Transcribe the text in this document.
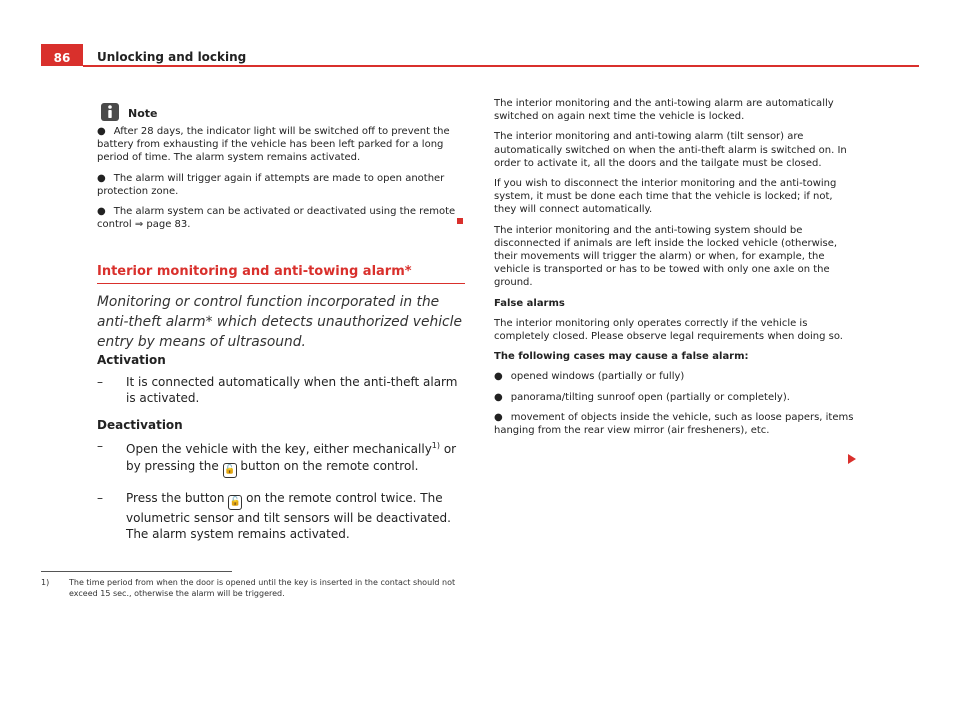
86	Unlocking and locking
Note

● After 28 days, the indicator light will be switched off to prevent the battery from exhausting if the vehicle has been left parked for a long period of time. The alarm system remains activated.

● The alarm will trigger again if attempts are made to open another protection zone.

● The alarm system can be activated or deactivated using the remote control ⇒ page 83.

Interior monitoring and anti-towing alarm*
Monitoring or control function incorporated in the anti-theft alarm* which detects unauthorized vehicle entry by means of ultrasound.
Activation
–	It is connected automatically when the anti-theft alarm is activated.
Deactivation
–	Open the vehicle with the key, either mechanically$^{1)}$ or by pressing the 🔓 button on the remote control.
–	Press the button 🔓 on the remote control twice. The volumetric sensor and tilt sensors will be deactivated. The alarm system remains activated.

The interior monitoring and the anti-towing alarm are automatically switched on again next time the vehicle is locked.

The interior monitoring and anti-towing alarm (tilt sensor) are automatically switched on when the anti-theft alarm is switched on. In order to activate it, all the doors and the tailgate must be closed.

If you wish to disconnect the interior monitoring and the anti-towing system, it must be done each time that the vehicle is locked; if not, they will connect automatically.

The interior monitoring and the anti-towing system should be disconnected if animals are left inside the locked vehicle (otherwise, their movements will trigger the alarm) or when, for example, the vehicle is transported or has to be towed with only one axle on the ground.

False alarms

The interior monitoring only operates correctly if the vehicle is completely closed. Please observe legal requirements when doing so.

The following cases may cause a false alarm:

● opened windows (partially or fully)

● panorama/tilting sunroof open (partially or completely).

● movement of objects inside the vehicle, such as loose papers, items hanging from the rear view mirror (air fresheners), etc.

1)	The time period from when the door is opened until the key is inserted in the contact should not exceed 15 sec., otherwise the alarm will be triggered.
